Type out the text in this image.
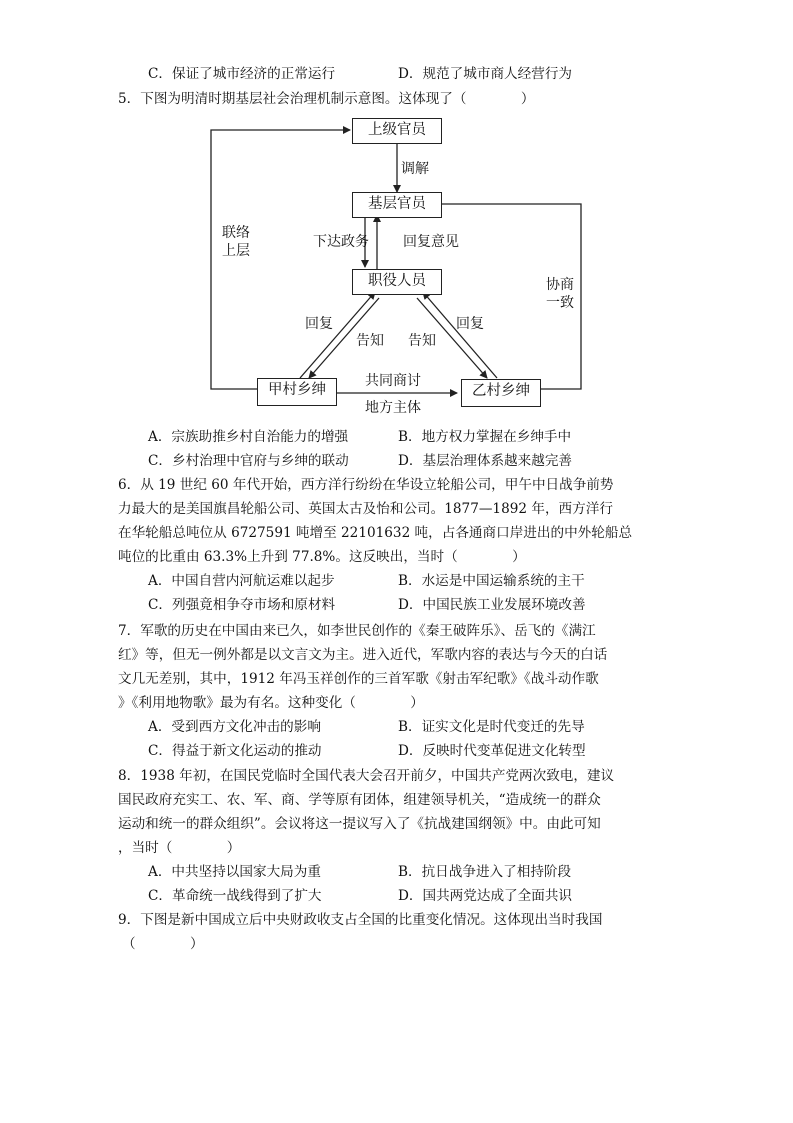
C．保证了城市经济的正常运行	D．规范了城市商人经营行为
5．下图为明清时期基层社会治理机制示意图。这体现了（　　　　）
上级官员
基层官员
职役人员
甲村乡绅	乙村乡绅
调解
下达政务 回复意见
联络上层
协商一致
回复
告知 告知
回复
共同商讨
地方主体
A．宗族助推乡村自治能力的增强	B．地方权力掌握在乡绅手中
C．乡村治理中官府与乡绅的联动	D．基层治理体系越来越完善
6．从 19 世纪 60 年代开始，西方洋行纷纷在华设立轮船公司，甲午中日战争前势
力最大的是美国旗昌轮船公司、英国太古及怡和公司。1877—1892 年，西方洋行
在华轮船总吨位从 6727591 吨增至 22101632 吨，占各通商口岸进出的中外轮船总
吨位的比重由 63.3%上升到 77.8%。这反映出，当时（　　　　）
A．中国自营内河航运难以起步	B．水运是中国运输系统的主干
C．列强竟相争夺市场和原材料	D．中国民族工业发展环境改善
7．军歌的历史在中国由来已久，如李世民创作的《秦王破阵乐》、岳飞的《满江
红》等，但无一例外都是以文言文为主。进入近代，军歌内容的表达与今天的白话
文几无差别，其中，1912 年冯玉祥创作的三首军歌《射击军纪歌》《战斗动作歌
》《利用地物歌》最为有名。这种变化（　　　　）
A．受到西方文化冲击的影响	B．证实文化是时代变迁的先导
C．得益于新文化运动的推动	D．反映时代变革促进文化转型
8．1938 年初，在国民党临时全国代表大会召开前夕，中国共产党两次致电，建议
国民政府充实工、农、军、商、学等原有团体，组建领导机关，“造成统一的群众
运动和统一的群众组织”。会议将这一提议写入了《抗战建国纲领》中。由此可知
，当时（　　　　）
A．中共坚持以国家大局为重	B．抗日战争进入了相持阶段
C．革命统一战线得到了扩大	D．国共两党达成了全面共识
9．下图是新中国成立后中央财政收支占全国的比重变化情况。这体现出当时我国
（　　　　）
